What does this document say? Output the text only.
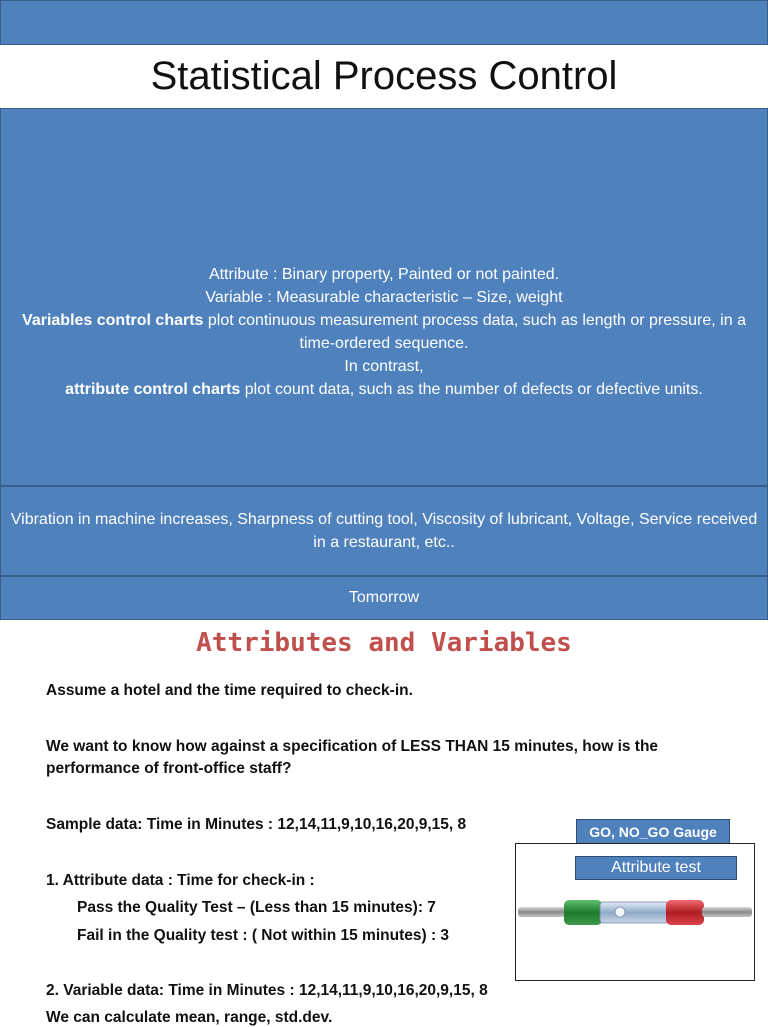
Statistical Process Control
Attribute : Binary property, Painted or not painted.
Variable : Measurable characteristic – Size, weight
Variables control charts plot continuous measurement process data, such as length or pressure, in a time-ordered sequence.
In contrast,
attribute control charts plot count data, such as the number of defects or defective units.
Vibration in machine increases, Sharpness of cutting tool, Viscosity of lubricant, Voltage, Service received in a restaurant, etc..
Tomorrow
Attributes and Variables
Assume a hotel and the time required to check-in.
We want to know how against a specification of LESS THAN 15 minutes, how is the
performance of front-office staff?
Sample data: Time in Minutes : 12,14,11,9,10,16,20,9,15, 8
1. Attribute data : Time for check-in :
Pass the Quality Test – (Less than 15 minutes): 7
Fail in the Quality test : ( Not within 15 minutes) : 3
2. Variable data: Time in Minutes : 12,14,11,9,10,16,20,9,15, 8
We can calculate mean, range, std.dev.
GO, NO_GO Gauge
Attribute test
